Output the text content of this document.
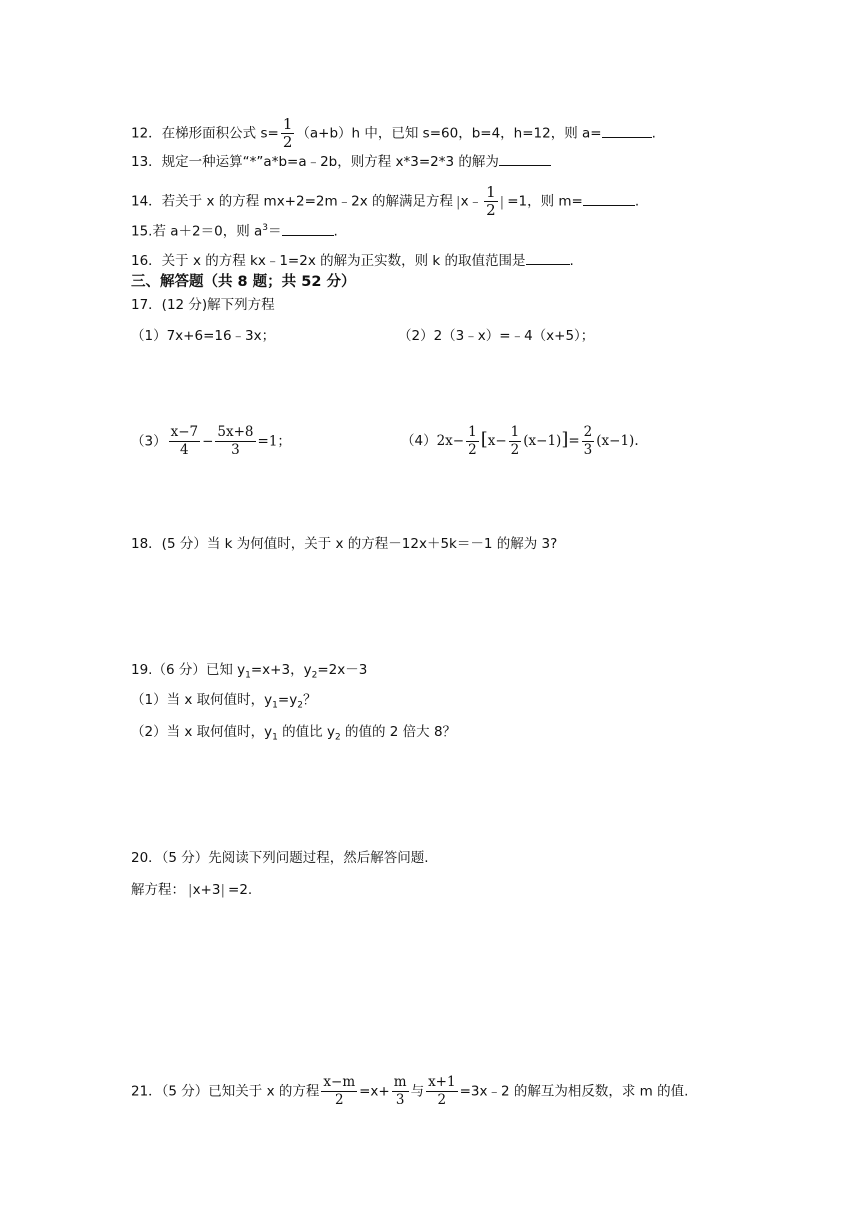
12．在梯形面积公式 $s= \frac{1}{2} (a+b)h$ 中，已知 s=60，b=4，h=12，则 a=	.
13．规定一种运算“*”a*b=a﹣2b，则方程 x*3=2*3 的解为
14．若关于 x 的方程 mx+2=2m﹣2x 的解满足方程 | x﹣ $\frac{1}{2}$
| =1，则 m=	.
15.若 a＋2＝0，则 $a^3=$	.
16．关于 x 的方程 kx﹣1=2x 的解为正实数，则 k 的取值范围是	.
三、解答题（共 8 题；共 52 分）
17．(12 分)解下列方程
（1）7x+6=16﹣3x；	（2）2（3﹣x）=﹣4（x+5）；
$(3) \frac{x-7}{4} - \frac{5x+8}{3} =1$；	$(4)2x- \frac{1}{2} [x- \frac{1}{2} (x-1)]= \frac{2}{3} (x-1)$.
18．(5 分）当 k 为何值时，关于 x 的方程－12x＋5k＝－1 的解为 3?
19.（6 分）已知 $y_1=x+3$，$y_2=2x-3$
（1）当 x 取何值时，$y_1=y_2$？
（2）当 x 取何值时，$y_1$ 的值比 $y_2$ 的值的 2 倍大 8？
20．（5 分）先阅读下列问题过程，然后解答问题.
解方程： | x+3 | =2.
21．（5 分）已知关于 x 的方程 $\frac{x-m}{2} =x+ \frac{m}{3}$ 与 $\frac{x+1}{2}$ =3x﹣2 的解互为相反数，求 m 的值.
